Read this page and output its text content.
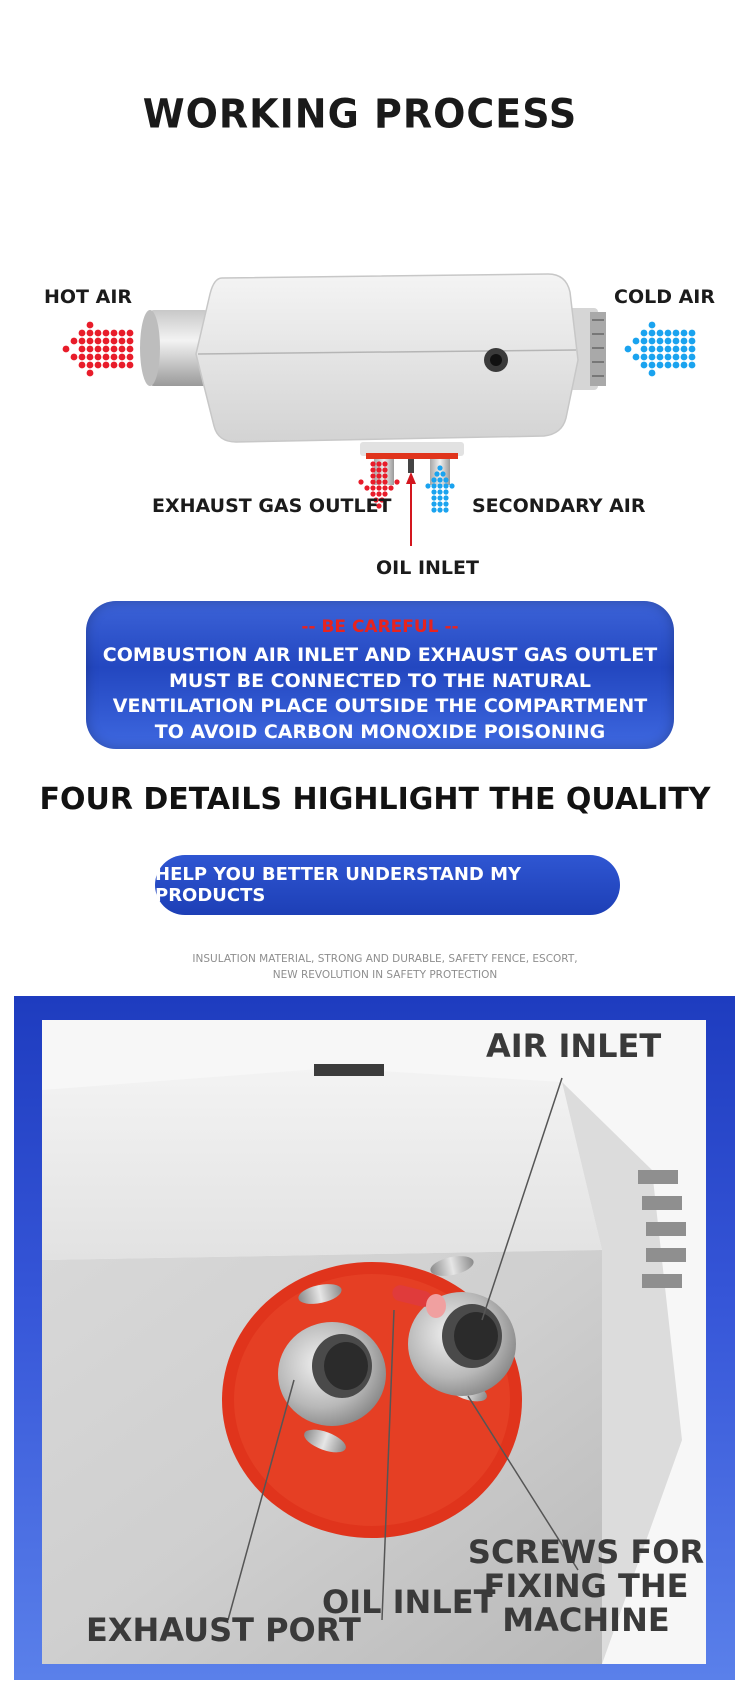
WORKING PROCESS
HOT AIR	COLD AIR
EXHAUST GAS OUTLET	SECONDARY AIR
OIL INLET
-- BE CAREFUL --
COMBUSTION AIR INLET AND EXHAUST GAS OUTLET MUST BE CONNECTED TO THE NATURAL VENTILATION PLACE OUTSIDE THE COMPARTMENT TO AVOID CARBON MONOXIDE POISONING
FOUR DETAILS HIGHLIGHT THE QUALITY
HELP YOU BETTER UNDERSTAND MY PRODUCTS
INSULATION MATERIAL, STRONG AND DURABLE, SAFETY FENCE, ESCORT,
NEW REVOLUTION IN SAFETY PROTECTION
AIR INLET
EXHAUST PORT
OIL INLET
SCREWS FOR
FIXING THE
MACHINE
